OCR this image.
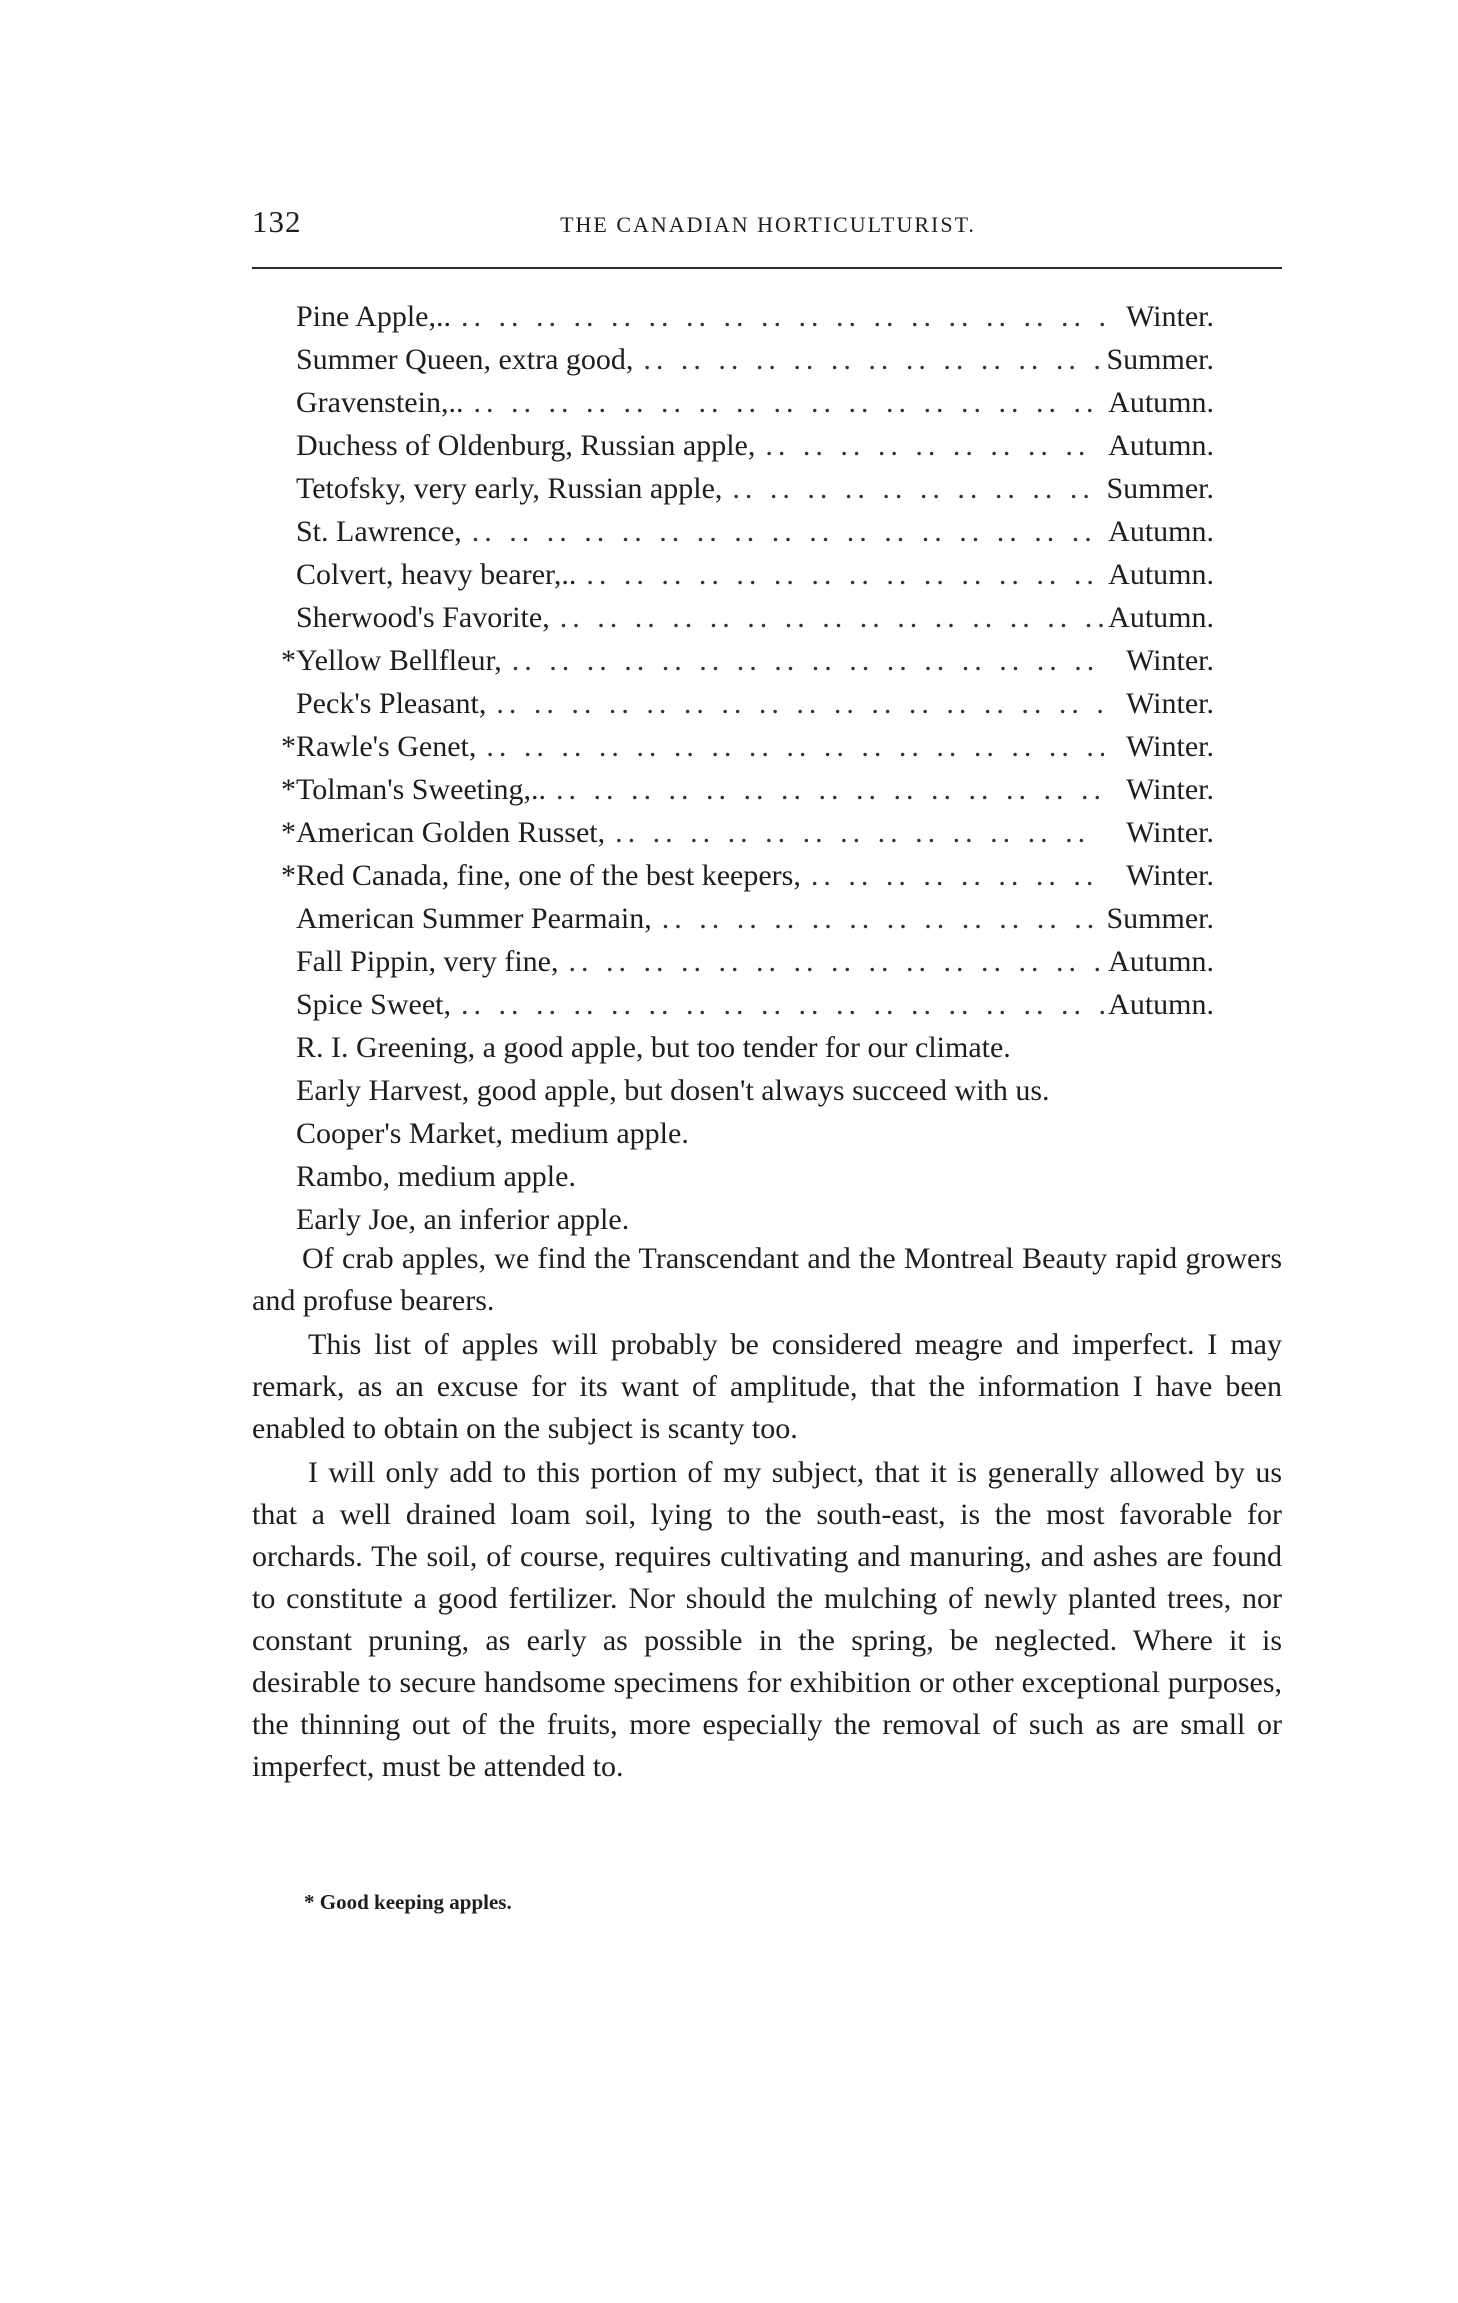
132	THE CANADIAN HORTICULTURIST.
Pine Apple,.. .. ..	Winter.
Summer Queen, extra good, .. ..	Summer.
Gravenstein,.. .. ..	Autumn.
Duchess of Oldenburg, Russian apple, .. ..	Autumn.
Tetofsky, very early, Russian apple, .. ..	Summer.
St. Lawrence, .. ..	Autumn.
Colvert, heavy bearer,.. .. ..	Autumn.
Sherwood's Favorite, .. ..	Autumn.
* Yellow Bellfleur, .. ..	Winter.
Peck's Pleasant, .. ..	Winter.
* Rawle's Genet, .. ..	Winter.
* Tolman's Sweeting,.. .. ..	Winter.
* American Golden Russet, .. ..	Winter.
* Red Canada, fine, one of the best keepers, .. ..	Winter.
American Summer Pearmain, .. ..	Summer.
Fall Pippin, very fine, .. ..	Autumn.
Spice Sweet, .. ..	Autumn.
R. I. Greening, a good apple, but too tender for our climate.
Early Harvest, good apple, but dosen't always succeed with us.
Cooper's Market, medium apple.
Rambo, medium apple.
Early Joe, an inferior apple.

Of crab apples, we find the Transcendant and the Montreal Beauty rapid growers and profuse bearers.

This list of apples will probably be considered meagre and imperfect. I may remark, as an excuse for its want of amplitude, that the information I have been enabled to obtain on the subject is scanty too.

I will only add to this portion of my subject, that it is generally allowed by us that a well drained loam soil, lying to the south-east, is the most favorable for orchards. The soil, of course, requires cultivating and manuring, and ashes are found to constitute a good fertilizer. Nor should the mulching of newly planted trees, nor constant pruning, as early as possible in the spring, be neglected. Where it is desirable to secure handsome specimens for exhibition or other exceptional purposes, the thinning out of the fruits, more especially the removal of such as are small or imperfect, must be attended to.

* Good keeping apples.
